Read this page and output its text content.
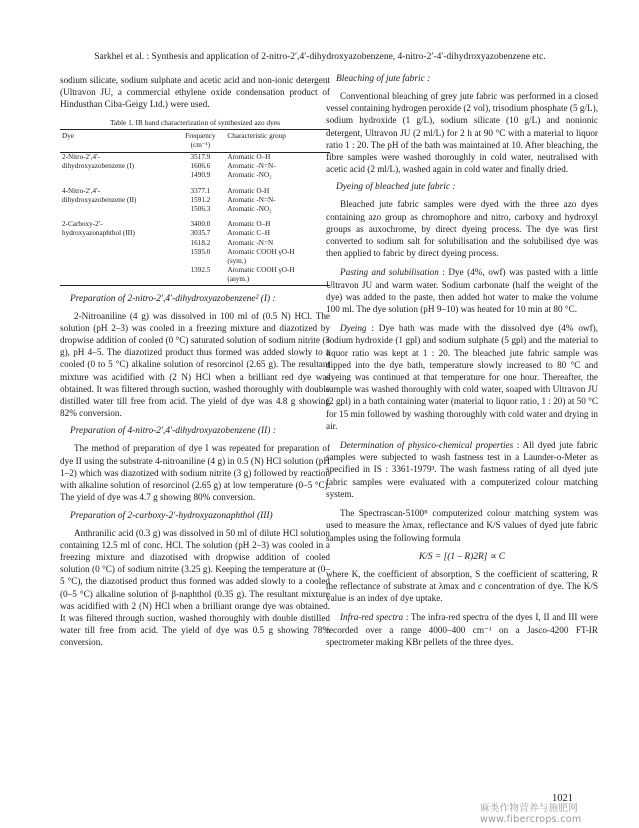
Sarkhel et al. : Synthesis and application of 2-nitro-2′,4′-dihydroxyazobenzene, 4-nitro-2′-4′-dihydroxyazobenzene etc.

sodium silicate, sodium sulphate and acetic acid and non-ionic detergent (Ultravon JU, a commercial ethylene oxide condensation product of Hindusthan Ciba-Geigy Ltd.) were used.

Table 1. IR band characterization of synthesized azo dyes
Dye	Frequency (cm⁻¹)	Characteristic group
2-Nitro-2′,4′-	3517.9	Aromatic O–H
dihydroxyazobenzene (I)	1606.6	Aromatic -N=N-
	1490.9	Aromatic -NO₂
4-Nitro-2′,4′-	3377.1	Aromatic O-H
dihydroxyazobenzene (II)	1591.2	Aromatic -N=N-
	1506.3	Aromatic -NO₂
2-Carboxy-2′-	3400.0	Aromatic O–H
hydroxyazonaphthol (III)	3035.7	Aromatic C–H
	1618.2	Aromatic -N=N
	1595.0	Aromatic COOH γO-H
		(sym.)
	1392.5	Aromatic COOH γO-H
		(asym.)
Preparation of 2-nitro-2′,4′-dihydroxyazobenzene² (I) :

2-Nitroaniline (4 g) was dissolved in 100 ml of (0.5 N) HCl. The solution (pH 2–3) was cooled in a freezing mixture and diazotized by dropwise addition of cooled (0 °C) saturated solution of sodium nitrite (3 g), pH 4–5. The diazotized product thus formed was added slowly to a cooled (0 to 5 °C) alkaline solution of resorcinol (2.65 g). The resultant mixture was acidified with (2 N) HCl when a brilliant red dye was obtained. It was filtered through suction, washed thoroughly with double distilled water till free from acid. The yield of dye was 4.8 g showing 82% conversion.

Preparation of 4-nitro-2′,4′-dihydroxyazobenzene (II) :

The method of preparation of dye I was repeated for preparation of dye II using the substrate 4-nitroaniline (4 g) in 0.5 (N) HCl solution (pH 1–2) which was diazotized with sodium nitrite (3 g) followed by reaction with alkaline solution of resorcinol (2.65 g) at low temperature (0–5 °C). The yield of dye was 4.7 g showing 80% conversion.

Preparation of 2-carboxy-2′-hydroxyazonaphthol (III)

Anthranilic acid (0.3 g) was dissolved in 50 ml of dilute HCl solution containing 12.5 ml of conc. HCl. The solution (pH 2–3) was cooled in a freezing mixture and diazotised with dropwise addition of cooled solution (0 °C) of sodium nitrite (3.25 g). Keeping the temperature at (0–5 °C), the diazotised product thus formed was added slowly to a cooled (0–5 °C) alkaline solution of β-naphthol (0.35 g). The resultant mixture was acidified with 2 (N) HCl when a brilliant orange dye was obtained. It was filtered through suction, washed thoroughly with double distilled water till free from acid. The yield of dye was 0.5 g showing 78% conversion.

Bleaching of jute fabric :

Conventional bleaching of grey jute fabric was performed in a closed vessel containing hydrogen peroxide (2 vol), trisodium phosphate (5 g/L), sodium hydroxide (1 g/L), sodium silicate (10 g/L) and nonionic detergent, Ultravon JU (2 ml/L) for 2 h at 90 °C with a material to liquor ratio 1 : 20. The pH of the bath was maintained at 10. After bleaching, the fibre samples were washed thoroughly in cold water, neutralised with acetic acid (2 ml/L), washed again in cold water and finally dried.

Dyeing of bleached jute fabric :

Bleached jute fabric samples were dyed with the three azo dyes containing azo group as chromophore and nitro, carboxy and hydroxyl groups as auxochrome, by direct dyeing process. The dye was first converted to sodium salt for solubilisation and the solubilised dye was then applied to fabric by direct dyeing process.

Pasting and solubilisation : Dye (4%, owf) was pasted with a little Ultravon JU and warm water. Sodium carbonate (half the weight of the dye) was added to the paste, then added hot water to make the volume 100 ml. The dye solution (pH 9–10) was heated for 10 min at 80 °C.

Dyeing : Dye bath was made with the dissolved dye (4% owf), sodium hydroxide (1 gpl) and sodium sulphate (5 gpl) and the material to liquor ratio was kept at 1 : 20. The bleached jute fabric sample was dipped into the dye bath, temperature slowly increased to 80 °C and dyeing was continued at that temperature for one hour. Thereafter, the sample was washed thoroughly with cold water, soaped with Ultravon JU (2 gpl) in a bath containing water (material to liquor ratio, 1 : 20) at 50 °C for 15 min followed by washing thoroughly with cold water and drying in air.

Determination of physico-chemical properties : All dyed jute fabric samples were subjected to wash fastness test in a Launder-o-Meter as specified in IS : 3361-1979³. The wash fastness rating of all dyed jute fabric samples were evaluated with a computerized colour matching system.

The Spectrascan-5100ᴿ computerized colour matching system was used to measure the λmax, reflectance and K/S values of dyed jute fabric samples using the following formula

K/S = [(1 – R)2R] ∝ C

where K, the coefficient of absorption, S the coefficient of scattering, R the reflectance of substrate at λmax and c concentration of dye. The K/S value is an index of dye uptake.

Infra-red spectra : The infra-red spectra of the dyes I, II and III were recorded over a range 4000–400 cm⁻¹ on a Jasco-4200 FT-IR spectrometer making KBr pellets of the three dyes.

1021
麻类作物营养与施肥网 www.fibercrops.com
